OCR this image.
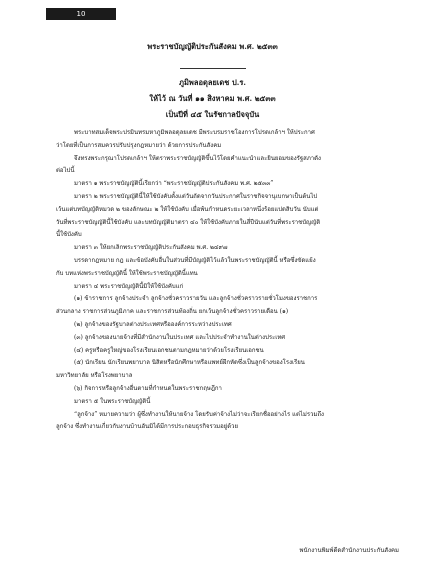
10
พระราชบัญญัติประกันสังคม พ.ศ. ๒๕๓๓
ภูมิพลอดุลยเดช ป.ร.
ให้ไว้ ณ วันที่ ๑๑ สิงหาคม พ.ศ. ๒๕๓๓
เป็นปีที่ ๔๕ ในรัชกาลปัจจุบัน

พระบาทสมเด็จพระปรมินทรมหาภูมิพลอดุลยเดช มีพระบรมราชโองการโปรดเกล้าฯ ให้ประกาศ

ว่าโดยที่เป็นการสมควรปรับปรุงกฎหมายว่า ด้วยการประกันสังคม

จึงทรงพระกรุณาโปรดเกล้าฯ ให้ตราพระราชบัญญัติขึ้นไว้โดยคำแนะนำและยินยอมของรัฐสภาดัง

ต่อไปนี้

มาตรา ๑ พระราชบัญญัตินี้เรียกว่า “พระราชบัญญัติประกันสังคม พ.ศ. ๒๕๓๓”

มาตรา ๒ พระราชบัญญัตินี้ให้ใช้บังคับตั้งแต่วันถัดจากวันประกาศในราชกิจจานุเบกษาเป็นต้นไป

เว้นแต่บทบัญญัติหมวด ๒ ของลักษณะ ๒ ให้ใช้บังคับ เมื่อพ้นกำหนดระยะเวลาหนึ่งร้อยแปดสิบวัน นับแต่

วันที่พระราชบัญญัตินี้ใช้บังคับ และบทบัญญัติมาตรา ๔๐ ให้ใช้บังคับภายในสี่ปีนับแต่วันที่พระราชบัญญัติ

นี้ใช้บังคับ

มาตรา ๓ ให้ยกเลิกพระราชบัญญัติประกันสังคม พ.ศ. ๒๔๙๗

บรรดากฎหมาย กฎ และข้อบังคับอื่นในส่วนที่มีบัญญัติไว้แล้วในพระราชบัญญัตินี้ หรือซึ่งขัดแย้ง

กับ บทแห่งพระราชบัญญัตินี้ ให้ใช้พระราชบัญญัตินี้แทน

มาตรา ๔ พระราชบัญญัตินี้มิให้ใช้บังคับแก่

(๑) ข้าราชการ ลูกจ้างประจำ ลูกจ้างชั่วคราวรายวัน และลูกจ้างชั่วคราวรายชั่วโมงของราชการ

ส่วนกลาง ราชการส่วนภูมิภาค และราชการส่วนท้องถิ่น ยกเว้นลูกจ้างชั่วคราวรายเดือน (๑)

(๒) ลูกจ้างของรัฐบาลต่างประเทศหรือองค์การระหว่างประเทศ

(๓) ลูกจ้างของนายจ้างที่มีสำนักงานในประเทศ และไปประจำทำงานในต่างประเทศ

(๔) ครูหรือครูใหญ่ของโรงเรียนเอกชนตามกฎหมายว่าด้วยโรงเรียนเอกชน

(๕) นักเรียน นักเรียนพยาบาล นิสิตหรือนักศึกษาหรือแพทย์ฝึกหัดซึ่งเป็นลูกจ้างของโรงเรียน

มหาวิทยาลัย หรือโรงพยาบาล

(๖) กิจการหรือลูกจ้างอื่นตามที่กำหนดในพระราชกฤษฎีกา

มาตรา ๕ ในพระราชบัญญัตินี้

“ลูกจ้าง” หมายความว่า ผู้ซึ่งทำงานให้นายจ้าง โดยรับค่าจ้างไม่ว่าจะเรียกชื่ออย่างไร แต่ไม่รวมถึง

ลูกจ้าง ซึ่งทำงานเกี่ยวกับงานบ้านอันมิได้มีการประกอบธุรกิจรวมอยู่ด้วย

พนักงานพิมพ์ดีดสำนักงานประกันสังคม
